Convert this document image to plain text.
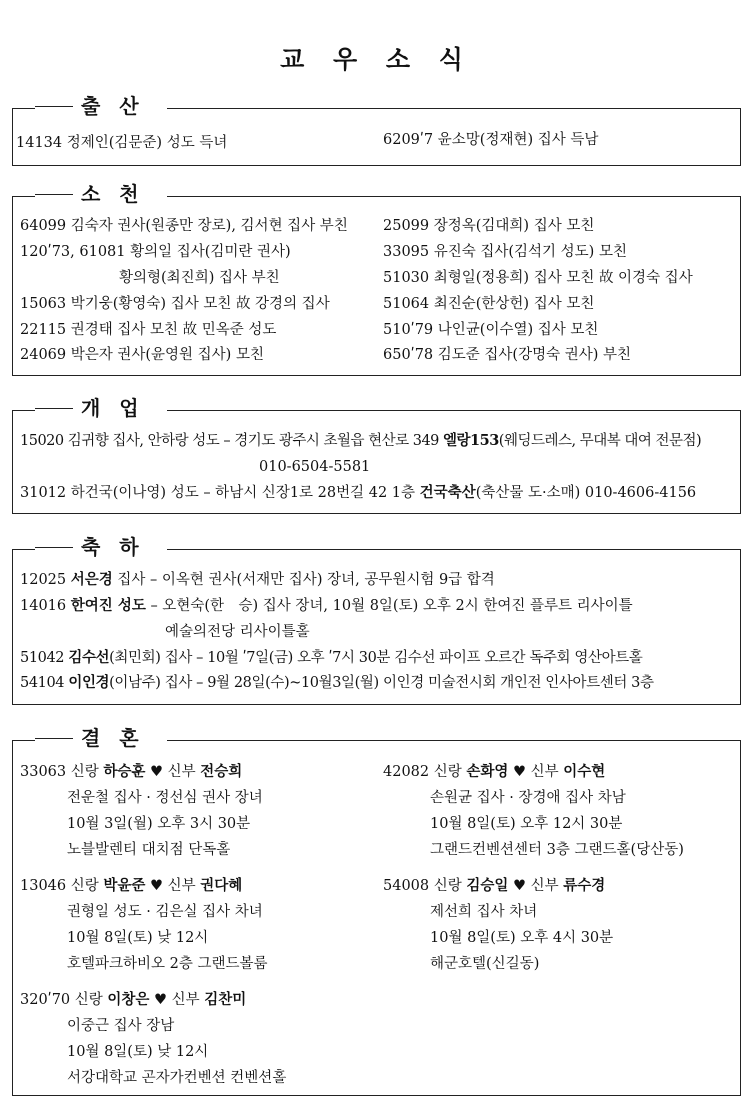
교 우 소 식
출 산
14134 정제인(김문준) 성도 득녀	6209ʹ7 윤소망(정재현) 집사 득남
소 천
64099 김숙자 권사(원종만 장로), 김서현 집사 부친
120ʹ73, 61081 황의일 집사(김미란 권사)
황의형(최진희) 집사 부친
15063 박기웅(황영숙) 집사 모친 故 강경의 집사
22115 권경태 집사 모친 故 민옥준 성도
24069 박은자 권사(윤영원 집사) 모친
25099 장정옥(김대희) 집사 모친
33095 유진숙 집사(김석기 성도) 모친
51030 최형일(정용희) 집사 모친 故 이경숙 집사
51064 최진순(한상헌) 집사 모친
510ʹ79 나인균(이수열) 집사 모친
650ʹ78 김도준 집사(강명숙 권사) 부친
개 업
15020 김귀향 집사, 안하랑 성도 – 경기도 광주시 초월읍 현산로 349 엘랑153(웨딩드레스, 무대복 대여 전문점)
010-6504-5581
31012 하건국(이나영) 성도 – 하남시 신장1로 28번길 42 1층 건국축산(축산물 도·소매) 010-4606-4156
축 하
12025 서은경 집사 – 이옥현 권사(서재만 집사) 장녀, 공무원시험 9급 합격
14016 한여진 성도 – 오현숙(한　승) 집사 장녀, 10월 8일(토) 오후 2시 한여진 플루트 리사이틀
예술의전당 리사이틀홀
51042 김수선(최민회) 집사 – 10월 ʹ7일(금) 오후 ʹ7시 30분 김수선 파이프 오르간 독주회 영산아트홀
54104 이인경(이남주) 집사 – 9월 28일(수)~10월3일(월) 이인경 미술전시회 개인전 인사아트센터 3층
결 혼
33063 신랑 하승훈 ♥ 신부 전승희
전운철 집사 · 정선심 권사 장녀
10월 3일(월) 오후 3시 30분
노블발렌티 대치점 단독홀
42082 신랑 손화영 ♥ 신부 이수현
손원균 집사 · 장경애 집사 차남
10월 8일(토) 오후 12시 30분
그랜드컨벤션센터 3층 그랜드홀(당산동)
13046 신랑 박윤준 ♥ 신부 권다혜
권형일 성도 · 김은실 집사 차녀
10월 8일(토) 낮 12시
호텔파크하비오 2층 그랜드볼룸
54008 신랑 김승일 ♥ 신부 류수경
제선희 집사 차녀
10월 8일(토) 오후 4시 30분
해군호텔(신길동)
320ʹ70 신랑 이창은 ♥ 신부 김찬미
이중근 집사 장남
10월 8일(토) 낮 12시
서강대학교 곤자가컨벤션 컨벤션홀
